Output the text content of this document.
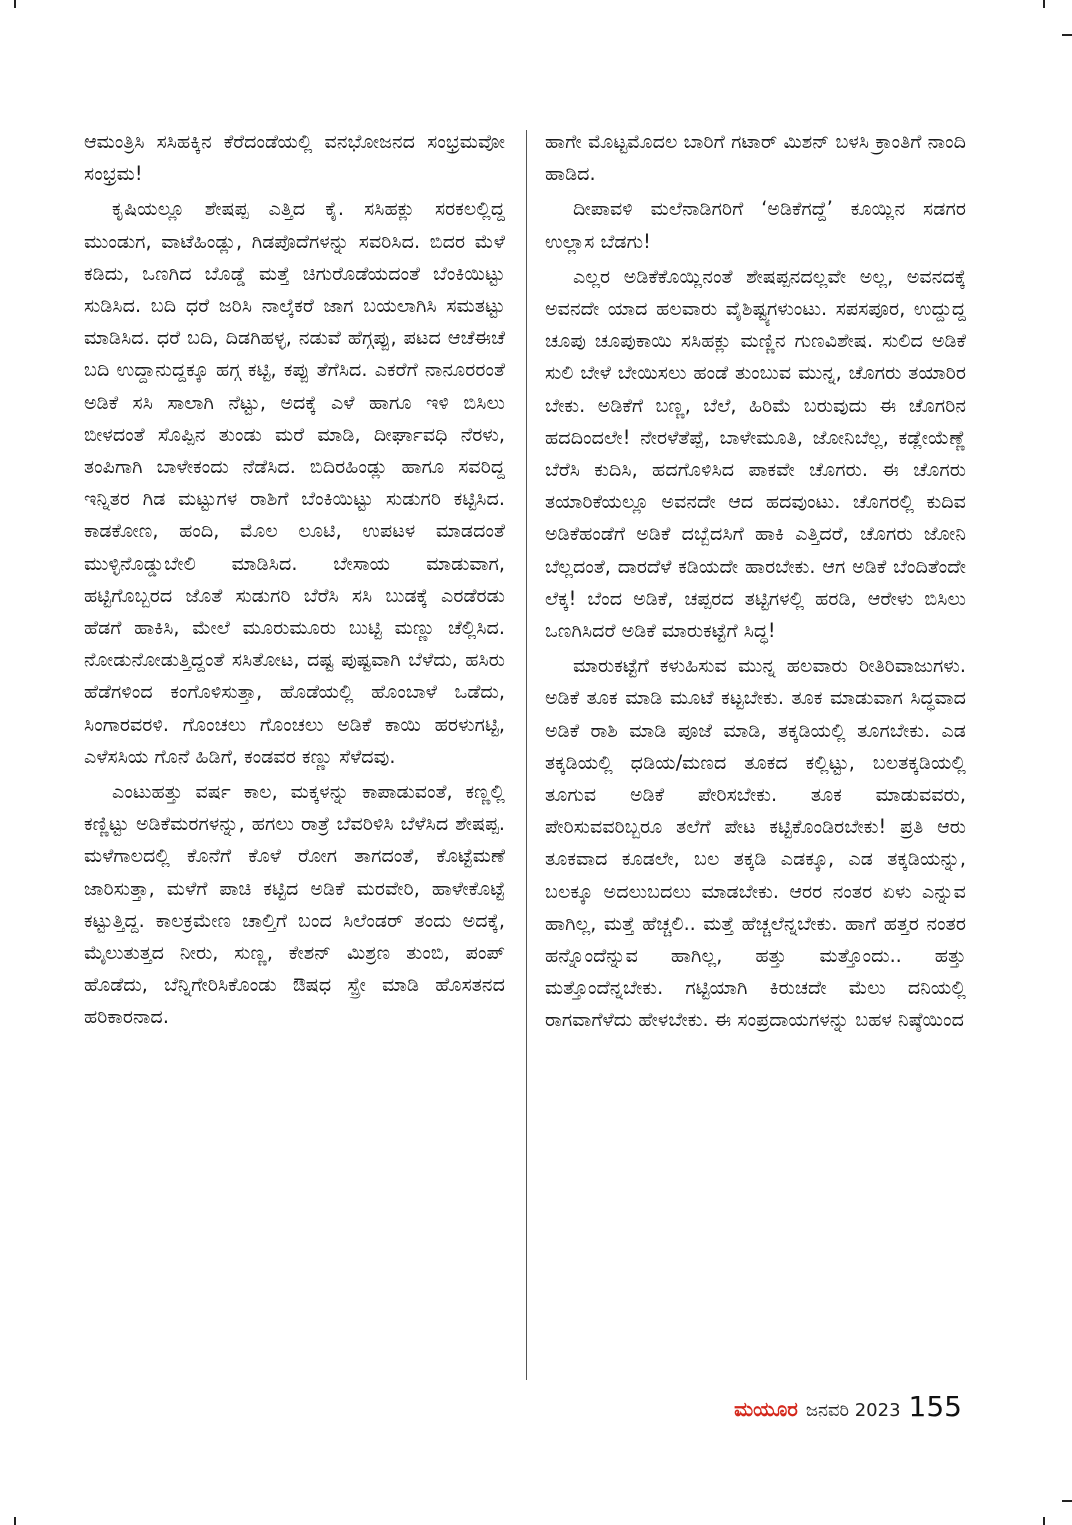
ಆಮಂತ್ರಿಸಿ ಸಸಿಹಕ್ಕಿನ ಕೆರೆದಂಡೆಯಲ್ಲಿ ವನಭೋಜನದ ಸಂಭ್ರಮವೋ ಸಂಭ್ರಮ!

ಕೃಷಿಯಲ್ಲೂ ಶೇಷಪ್ಪ ಎತ್ತಿದ ಕೈ. ಸಸಿಹಕ್ಲು ಸರಕಲಲ್ಲಿದ್ದ ಮುಂಡುಗ, ವಾಟೆಹಿಂಡ್ಲು, ಗಿಡಪೊದೆಗಳನ್ನು ಸವರಿಸಿದ. ಬಿದರ ಮೆಳೆ ಕಡಿದು, ಒಣಗಿದ ಬೊಡ್ಡೆ ಮತ್ತೆ ಚಿಗುರೊಡೆಯದಂತೆ ಬೆಂಕಿಯಿಟ್ಟು ಸುಡಿಸಿದ. ಬದಿ ಧರೆ ಜರಿಸಿ ನಾಲ್ಕೆಕರೆ ಜಾಗ ಬಯಲಾಗಿಸಿ ಸಮತಟ್ಟು ಮಾಡಿಸಿದ. ಧರೆ ಬದಿ, ದಿಡಗಿಹಳ್ಳ, ನಡುವೆ ಹೆಗ್ಗಪ್ಪು, ಪಟದ ಆಚೆಈಚೆ ಬದಿ ಉದ್ದಾನುದ್ದಕ್ಕೂ ಹಗ್ಗ ಕಟ್ಟಿ, ಕಪ್ಪು ತೆಗೆಸಿದ. ಎಕರೆಗೆ ನಾನೂರರಂತೆ ಅಡಿಕೆ ಸಸಿ ಸಾಲಾಗಿ ನೆಟ್ಟು, ಅದಕ್ಕೆ ಎಳೆ ಹಾಗೂ ಇಳಿ ಬಿಸಿಲು ಬೀಳದಂತೆ ಸೊಪ್ಪಿನ ತುಂಡು ಮರೆ ಮಾಡಿ, ದೀರ್ಘಾವಧಿ ನೆರಳು, ತಂಪಿಗಾಗಿ ಬಾಳೇಕಂದು ನೆಡೆಸಿದ. ಬಿದಿರಹಿಂಡ್ಲು ಹಾಗೂ ಸವರಿದ್ದ ಇನ್ನಿತರ ಗಿಡ ಮಟ್ಟುಗಳ ರಾಶಿಗೆ ಬೆಂಕಿಯಿಟ್ಟು ಸುಡುಗರಿ ಕಟ್ಟಿಸಿದ. ಕಾಡಕೋಣ, ಹಂದಿ, ಮೊಲ ಲೂಟಿ, ಉಪಟಳ ಮಾಡದಂತೆ ಮುಳ್ಳಿನೊಡ್ಡುಬೇಲಿ ಮಾಡಿಸಿದ. ಬೇಸಾಯ ಮಾಡುವಾಗ, ಹಟ್ಟಿಗೊಬ್ಬರದ ಜೊತೆ ಸುಡುಗರಿ ಬೆರೆಸಿ ಸಸಿ ಬುಡಕ್ಕೆ ಎರಡೆರಡು ಹೆಡಗೆ ಹಾಕಿಸಿ, ಮೇಲೆ ಮೂರುಮೂರು ಬುಟ್ಟಿ ಮಣ್ಣು ಚೆಲ್ಲಿಸಿದ. ನೋಡುನೋಡುತ್ತಿದ್ದಂತೆ ಸಸಿತೋಟ, ದಷ್ಟ ಪುಷ್ಟವಾಗಿ ಬೆಳೆದು, ಹಸಿರು ಹೆಡೆಗಳಿಂದ ಕಂಗೊಳಿಸುತ್ತಾ, ಹೊಡೆಯಲ್ಲಿ ಹೊಂಬಾಳೆ ಒಡೆದು, ಸಿಂಗಾರವರಳಿ. ಗೊಂಚಲು ಗೊಂಚಲು ಅಡಿಕೆ ಕಾಯಿ ಹರಳುಗಟ್ಟಿ, ಎಳೆಸಸಿಯ ಗೊನೆ ಹಿಡಿಗೆ, ಕಂಡವರ ಕಣ್ಣು ಸೆಳೆದವು.

ಎಂಟುಹತ್ತು ವರ್ಷ ಕಾಲ, ಮಕ್ಕಳನ್ನು ಕಾಪಾಡುವಂತೆ, ಕಣ್ಣಲ್ಲಿ ಕಣ್ಣಿಟ್ಟು ಅಡಿಕೆಮರಗಳನ್ನು, ಹಗಲು ರಾತ್ರೆ ಬೆವರಿಳಿಸಿ ಬೆಳೆಸಿದ ಶೇಷಪ್ಪ. ಮಳೆಗಾಲದಲ್ಲಿ ಕೊನೆಗೆ ಕೊಳೆ ರೋಗ ತಾಗದಂತೆ, ಕೊಟ್ಟೆಮಣೆ ಜಾರಿಸುತ್ತಾ, ಮಳೆಗೆ ಪಾಚಿ ಕಟ್ಟಿದ ಅಡಿಕೆ ಮರವೇರಿ, ಹಾಳೇಕೊಟ್ಟೆ ಕಟ್ಟುತ್ತಿದ್ದ. ಕಾಲಕ್ರಮೇಣ ಚಾಲ್ತಿಗೆ ಬಂದ ಸಿಲೆಂಡರ್ ತಂದು ಅದಕ್ಕೆ, ಮೈಲುತುತ್ತದ ನೀರು, ಸುಣ್ಣ, ಕೇಶನ್ ಮಿಶ್ರಣ ತುಂಬಿ, ಪಂಪ್ ಹೊಡೆದು, ಬೆನ್ನಿಗೇರಿಸಿಕೊಂಡು ಔಷಧ ಸ್ಪ್ರೇ ಮಾಡಿ ಹೊಸತನದ ಹರಿಕಾರನಾದ.

ಹಾಗೇ ಮೊಟ್ಟಮೊದಲ ಬಾರಿಗೆ ಗಟಾರ್ ಮಿಶನ್ ಬಳಸಿ ಕ್ರಾಂತಿಗೆ ನಾಂದಿ ಹಾಡಿದ.

ದೀಪಾವಳಿ ಮಲೆನಾಡಿಗರಿಗೆ ‘ಅಡಿಕೆಗದ್ದೆ’ ಕೂಯ್ಲಿನ ಸಡಗರ ಉಲ್ಲಾಸ ಬೆಡಗು!

ಎಲ್ಲರ ಅಡಿಕೆಕೊಯ್ಲಿನಂತೆ ಶೇಷಪ್ಪನದಲ್ಲವೇ ಅಲ್ಲ, ಅವನದಕ್ಕೆ ಅವನದೇ ಯಾದ ಹಲವಾರು ವೈಶಿಷ್ಟ್ಯಗಳುಂಟು. ಸಪಸಪೂರ, ಉದ್ದುದ್ದ ಚೂಪು ಚೂಪುಕಾಯಿ ಸಸಿಹಕ್ಲು ಮಣ್ಣಿನ ಗುಣವಿಶೇಷ. ಸುಲಿದ ಅಡಿಕೆ ಸುಲಿ ಬೇಳೆ ಬೇಯಿಸಲು ಹಂಡೆ ತುಂಬುವ ಮುನ್ನ, ಚೊಗರು ತಯಾರಿರ ಬೇಕು. ಅಡಿಕೆಗೆ ಬಣ್ಣ, ಬೆಲೆ, ಹಿರಿಮೆ ಬರುವುದು ಈ ಚೊಗರಿನ ಹದದಿಂದಲೇ! ನೇರಳೆತೆಪ್ಪೆ, ಬಾಳೇಮೂತಿ, ಜೋನಿಬೆಲ್ಲ, ಕಡ್ಲೇಯೆಣ್ಣೆ ಬೆರೆಸಿ ಕುದಿಸಿ, ಹದಗೊಳಿಸಿದ ಪಾಕವೇ ಚೊಗರು. ಈ ಚೊಗರು ತಯಾರಿಕೆಯಲ್ಲೂ ಅವನದೇ ಆದ ಹದವುಂಟು. ಚೊಗರಲ್ಲಿ ಕುದಿವ ಅಡಿಕೆಹಂಡೆಗೆ ಅಡಿಕೆ ದಬ್ಬೆದಸಿಗೆ ಹಾಕಿ ಎತ್ತಿದರೆ, ಚೊಗರು ಜೋನಿ ಬೆಲ್ಲದಂತೆ, ದಾರದೆಳೆ ಕಡಿಯದೇ ಹಾರಬೇಕು. ಆಗ ಅಡಿಕೆ ಬೆಂದಿತೆಂದೇ ಲೆಕ್ಕ! ಬೆಂದ ಅಡಿಕೆ, ಚಪ್ಪರದ ತಟ್ಟಿಗಳಲ್ಲಿ ಹರಡಿ, ಆರೇಳು ಬಿಸಿಲು ಒಣಗಿಸಿದರೆ ಅಡಿಕೆ ಮಾರುಕಟ್ಟೆಗೆ ಸಿದ್ಧ!

ಮಾರುಕಟ್ಟೆಗೆ ಕಳುಹಿಸುವ ಮುನ್ನ ಹಲವಾರು ರೀತಿರಿವಾಜುಗಳು. ಅಡಿಕೆ ತೂಕ ಮಾಡಿ ಮೂಟೆ ಕಟ್ಟಬೇಕು. ತೂಕ ಮಾಡುವಾಗ ಸಿದ್ಧವಾದ ಅಡಿಕೆ ರಾಶಿ ಮಾಡಿ ಪೂಜೆ ಮಾಡಿ, ತಕ್ಕಡಿಯಲ್ಲಿ ತೂಗಬೇಕು. ಎಡ ತಕ್ಕಡಿಯಲ್ಲಿ ಧಡಿಯ/ಮಣದ ತೂಕದ ಕಲ್ಲಿಟ್ಟು, ಬಲತಕ್ಕಡಿಯಲ್ಲಿ ತೂಗುವ ಅಡಿಕೆ ಪೇರಿಸಬೇಕು. ತೂಕ ಮಾಡುವವರು, ಪೇರಿಸುವವರಿಬ್ಬರೂ ತಲೆಗೆ ಪೇಟ ಕಟ್ಟಿಕೊಂಡಿರಬೇಕು! ಪ್ರತಿ ಆರು ತೂಕವಾದ ಕೂಡಲೇ, ಬಲ ತಕ್ಕಡಿ ಎಡಕ್ಕೂ, ಎಡ ತಕ್ಕಡಿಯನ್ನು, ಬಲಕ್ಕೂ ಅದಲುಬದಲು ಮಾಡಬೇಕು. ಆರರ ನಂತರ ಏಳು ಎನ್ನುವ ಹಾಗಿಲ್ಲ, ಮತ್ತೆ ಹೆಚ್ಚಲಿ.. ಮತ್ತೆ ಹೆಚ್ಚಲೆನ್ನಬೇಕು. ಹಾಗೆ ಹತ್ತರ ನಂತರ ಹನ್ನೊಂದೆನ್ನುವ ಹಾಗಿಲ್ಲ, ಹತ್ತು ಮತ್ತೊಂದು.. ಹತ್ತು ಮತ್ತೊಂದೆನ್ನಬೇಕು. ಗಟ್ಟಿಯಾಗಿ ಕಿರುಚದೇ ಮೆಲು ದನಿಯಲ್ಲಿ ರಾಗವಾಗೆಳೆದು ಹೇಳಬೇಕು. ಈ ಸಂಪ್ರದಾಯಗಳನ್ನು ಬಹಳ ನಿಷ್ಠೆಯಿಂದ

ಮಯೂರ ಜನವರಿ 2023 155
